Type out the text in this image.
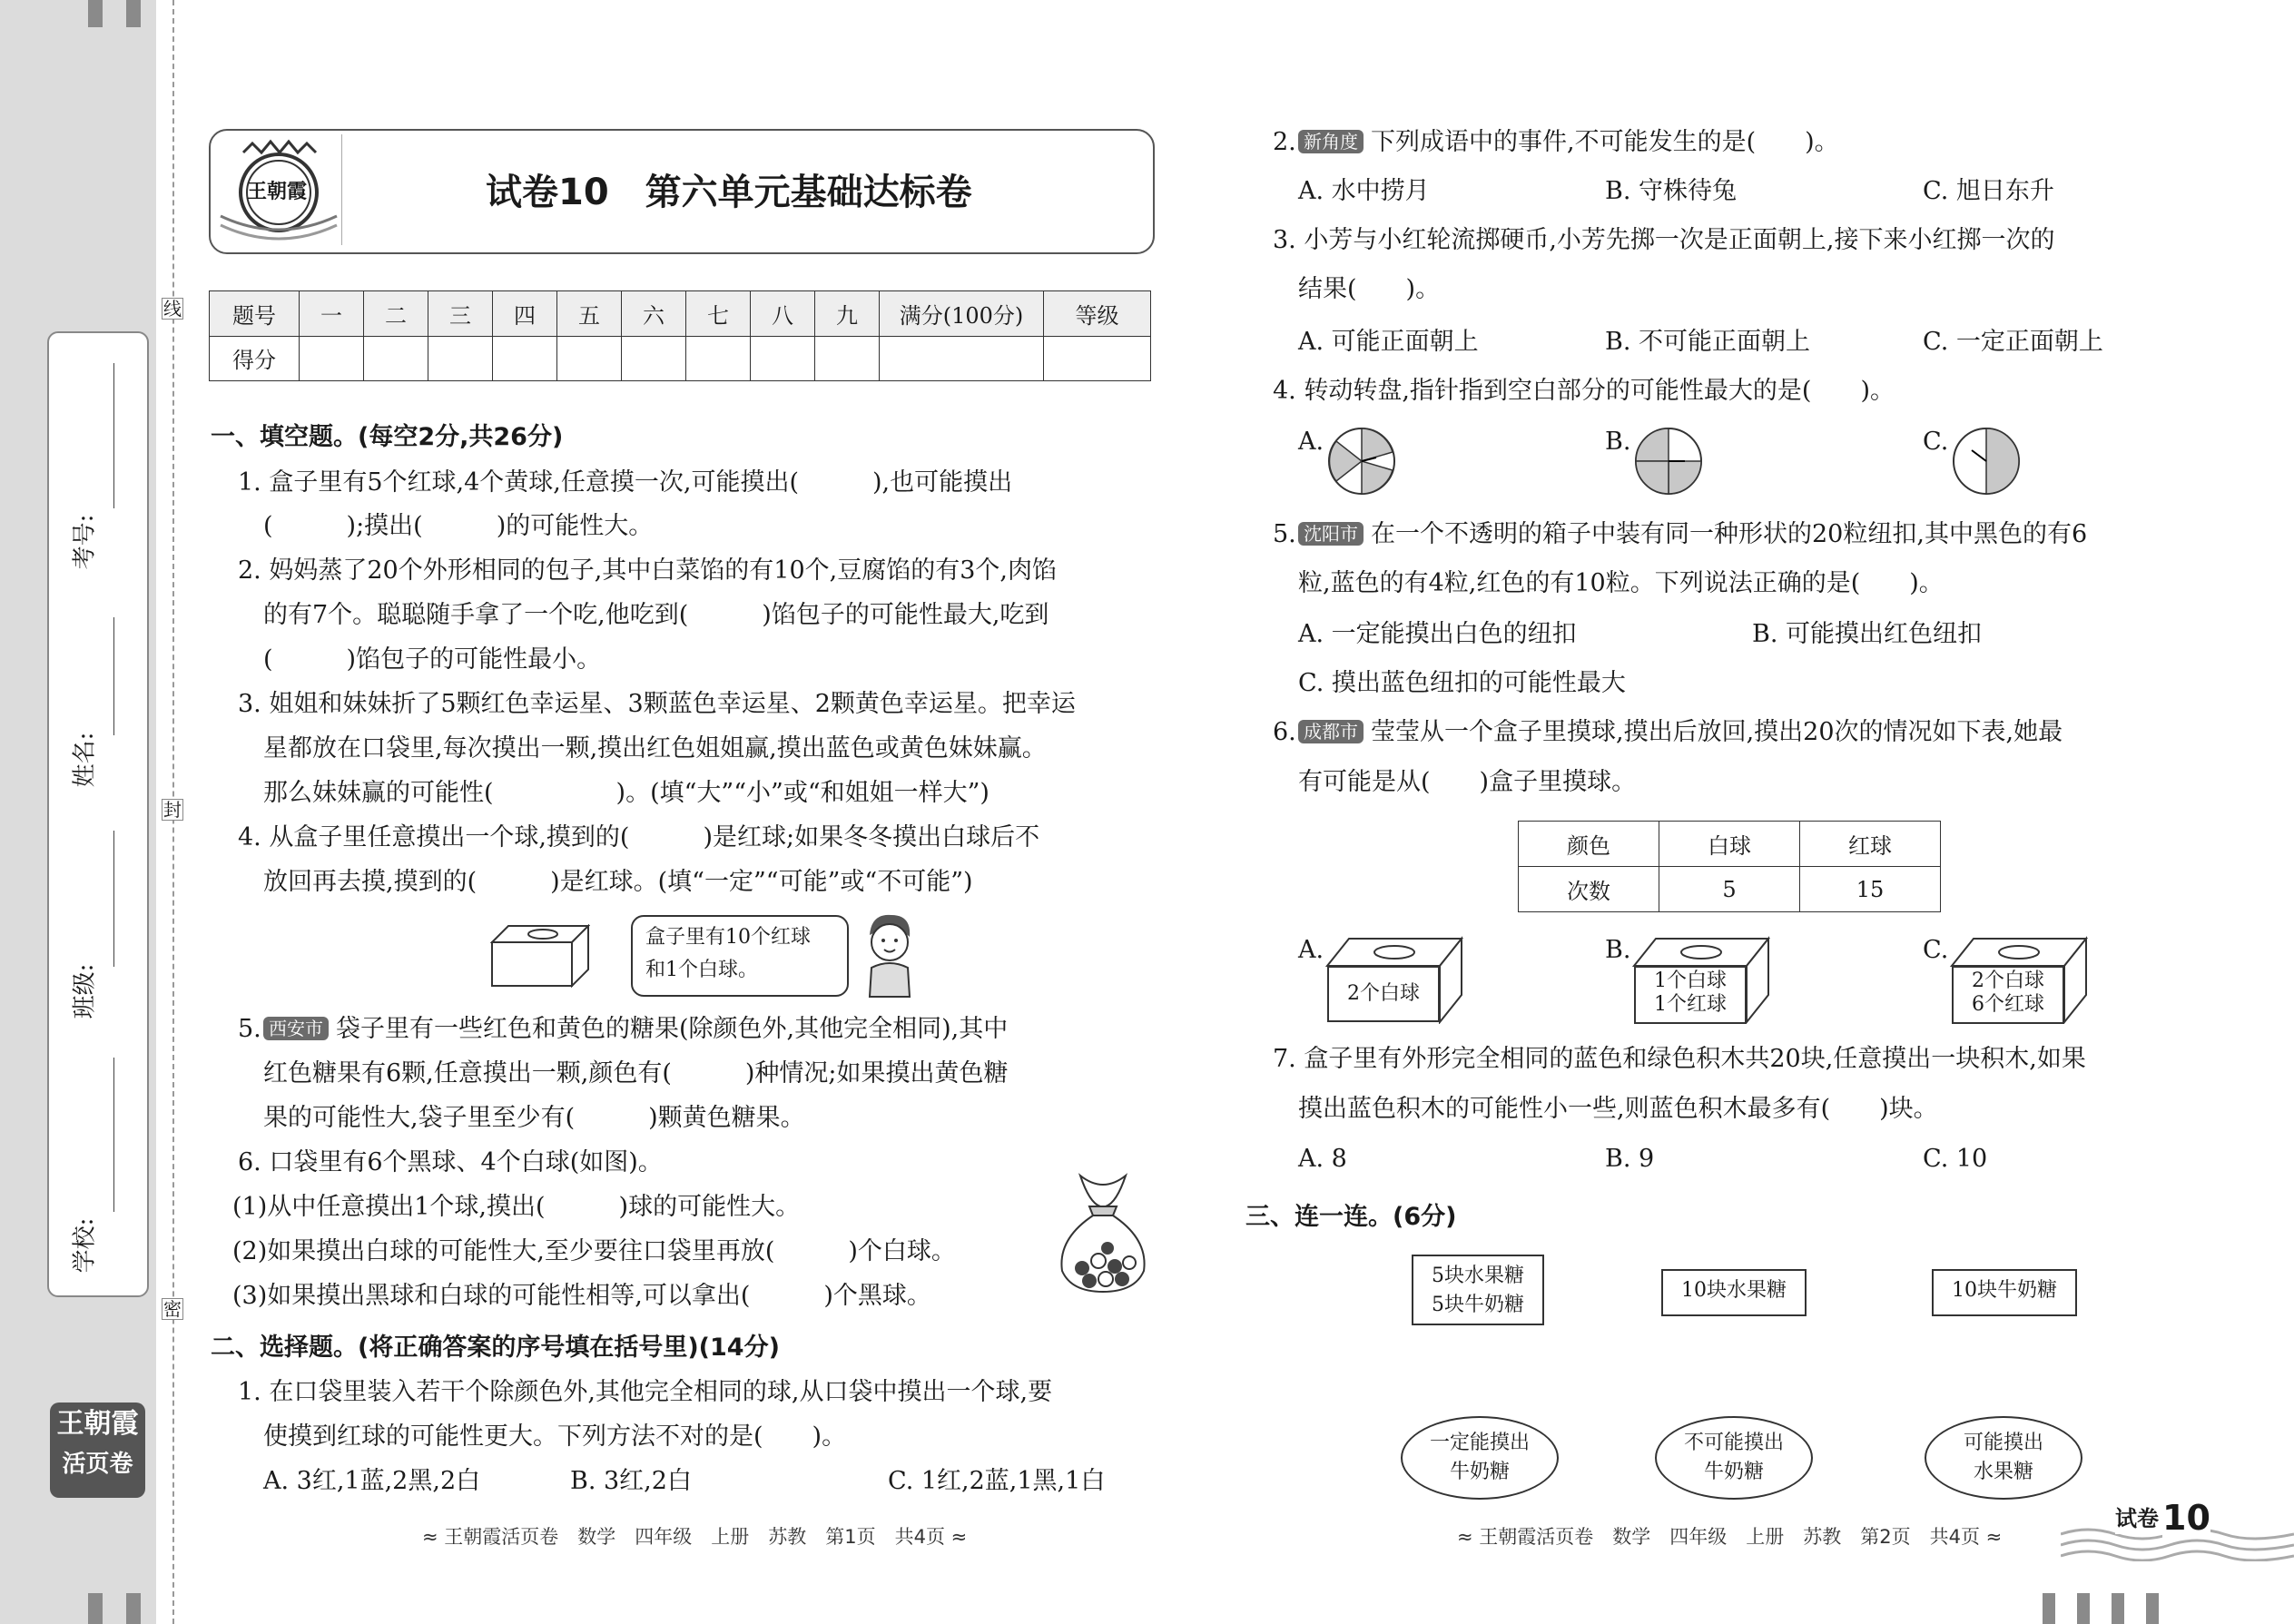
线
封
密
考号:
姓名:
班级:
学校:
王朝霞
活页卷
王朝霞	试卷10　第六单元基础达标卷
题号	一	二	三	四	五	六	七	八	九	满分(100分)	等级
得分											
一、填空题。(每空2分,共26分)
1. 盒子里有5个红球,4个黄球,任意摸一次,可能摸出(　　　),也可能摸出
(　　　);摸出(　　　)的可能性大。
2. 妈妈蒸了20个外形相同的包子,其中白菜馅的有10个,豆腐馅的有3个,肉馅
的有7个。聪聪随手拿了一个吃,他吃到(　　　)馅包子的可能性最大,吃到
(　　　)馅包子的可能性最小。
3. 姐姐和妹妹折了5颗红色幸运星、3颗蓝色幸运星、2颗黄色幸运星。把幸运
星都放在口袋里,每次摸出一颗,摸出红色姐姐赢,摸出蓝色或黄色妹妹赢。
那么妹妹赢的可能性(　　　　　)。(填“大”“小”或“和姐姐一样大”)
4. 从盒子里任意摸出一个球,摸到的(　　　)是红球;如果冬冬摸出白球后不
放回再去摸,摸到的(　　　)是红球。(填“一定”“可能”或“不可能”)
盒子里有10个红球
和1个白球。
5. 西安市 袋子里有一些红色和黄色的糖果(除颜色外,其他完全相同),其中
红色糖果有6颗,任意摸出一颗,颜色有(　　　)种情况;如果摸出黄色糖
果的可能性大,袋子里至少有(　　　)颗黄色糖果。
6. 口袋里有6个黑球、4个白球(如图)。
(1)从中任意摸出1个球,摸出(　　　)球的可能性大。
(2)如果摸出白球的可能性大,至少要往口袋里再放(　　　)个白球。
(3)如果摸出黑球和白球的可能性相等,可以拿出(　　　)个黑球。
二、选择题。(将正确答案的序号填在括号里)(14分)
1. 在口袋里装入若干个除颜色外,其他完全相同的球,从口袋中摸出一个球,要
使摸到红球的可能性更大。下列方法不对的是(　　)。
A. 3红,1蓝,2黑,2白	B. 3红,2白	C. 1红,2蓝,1黑,1白
≈ 王朝霞活页卷　数学　四年级　上册　苏教　第1页　共4页 ≈
2. 新角度 下列成语中的事件,不可能发生的是(　　)。
A. 水中捞月	B. 守株待兔	C. 旭日东升
3. 小芳与小红轮流掷硬币,小芳先掷一次是正面朝上,接下来小红掷一次的
结果(　　)。
A. 可能正面朝上	B. 不可能正面朝上	C. 一定正面朝上
4. 转动转盘,指针指到空白部分的可能性最大的是(　　)。
A.	B.	C.
5. 沈阳市 在一个不透明的箱子中装有同一种形状的20粒纽扣,其中黑色的有6
粒,蓝色的有4粒,红色的有10粒。下列说法正确的是(　　)。
A. 一定能摸出白色的纽扣	B. 可能摸出红色纽扣
C. 摸出蓝色纽扣的可能性最大
6. 成都市 莹莹从一个盒子里摸球,摸出后放回,摸出20次的情况如下表,她最
有可能是从(　　)盒子里摸球。
颜色	白球	红球
次数	5	15
A.
2个白球
B.
1个白球
1个红球
C.
2个白球
6个红球
7. 盒子里有外形完全相同的蓝色和绿色积木共20块,任意摸出一块积木,如果
摸出蓝色积木的可能性小一些,则蓝色积木最多有(　　)块。
A. 8	B. 9	C. 10
三、连一连。(6分)
5块水果糖
5块牛奶糖
10块水果糖	10块牛奶糖
一定能摸出
牛奶糖
不可能摸出
牛奶糖
可能摸出
水果糖
≈ 王朝霞活页卷　数学　四年级　上册　苏教　第2页　共4页 ≈
试卷 10
